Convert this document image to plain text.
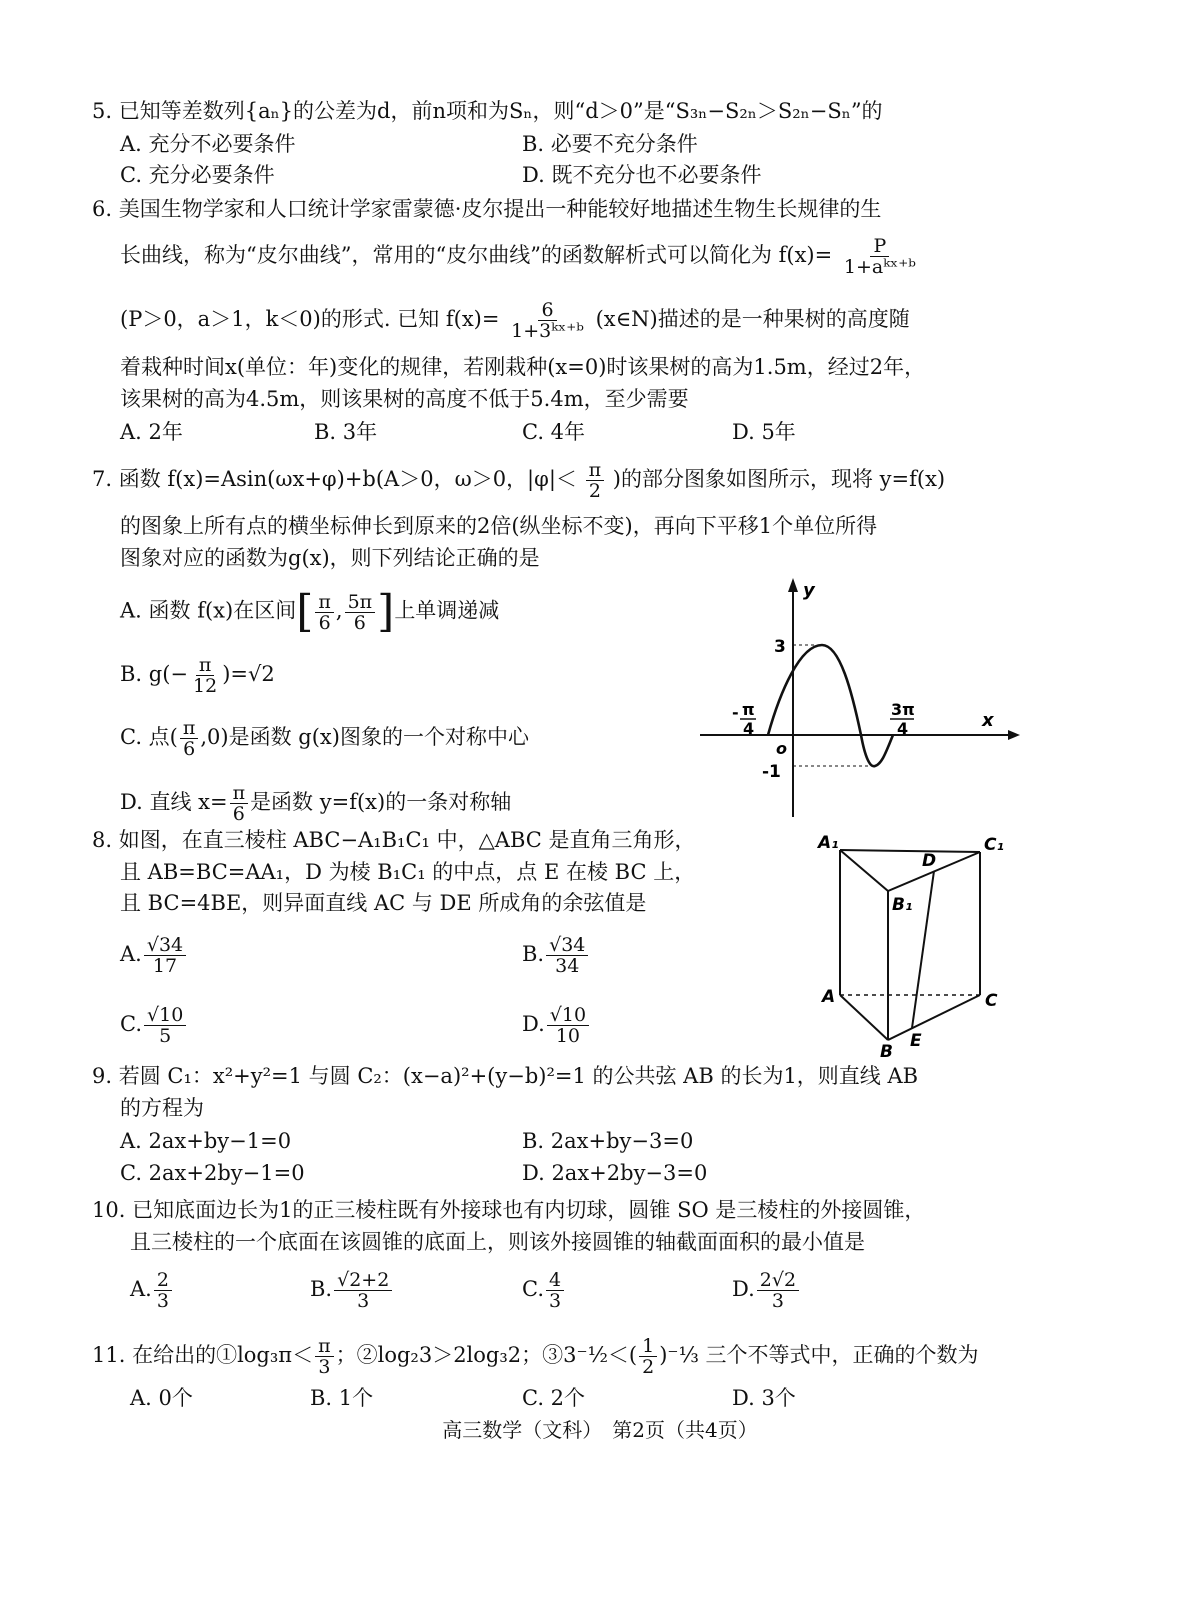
5. 已知等差数列{aₙ}的公差为d，前n项和为Sₙ，则“d＞0”是“S₃ₙ−S₂ₙ＞S₂ₙ−Sₙ”的
A. 充分不必要条件	B. 必要不充分条件
C. 充分必要条件	D. 既不充分也不必要条件
6. 美国生物学家和人口统计学家雷蒙德·皮尔提出一种能较好地描述生物生长规律的生
长曲线，称为“皮尔曲线”，常用的“皮尔曲线”的函数解析式可以简化为 $f(x)= \frac{P}{\text{1+aᵏˣ⁺ᵇ}}$
(P＞0，a＞1，k＜0)的形式. 已知 $f(x)= \frac{6}{\text{1+3ᵏˣ⁺ᵇ}}$ (x∈N)描述的是一种果树的高度随
着栽种时间x(单位：年)变化的规律，若刚栽种(x=0)时该果树的高为1.5m，经过2年，
该果树的高为4.5m，则该果树的高度不低于5.4m，至少需要
A. 2年	B. 3年	C. 4年	D. 5年
7. 函数 f(x)=Asin(ωx+φ)+b(A＞0，ω＞0，$|\varphi|< \frac{\pi}{2}$ )的部分图象如图所示，现将 y=f(x)
的图象上所有点的横坐标伸长到原来的2倍(纵坐标不变)，再向下平移1个单位所得
图象对应的函数为g(x)，则下列结论正确的是
A. 函数 f(x)在区间[ $\frac{\pi}{6}$ , $\frac{5\pi}{6}$ ]上单调递减
B. $g(- \frac{\pi}{12} )=√2$
C. 点( $\frac{\pi}{6} ,0$)是函数 g(x)图象的一个对称中心
D. 直线 $x= \frac{\pi}{6}$ 是函数 y=f(x)的一条对称轴
y
x
o
3
-1
- π
4
3π
4
8. 如图，在直三棱柱 ABC−A₁B₁C₁ 中，△ABC 是直角三角形，
且 AB=BC=AA₁，D 为棱 B₁C₁ 的中点，点 E 在棱 BC 上，
且 BC=4BE，则异面直线 AC 与 DE 所成角的余弦值是
A. $\frac{√34}{17}$	B. $\frac{√34}{34}$
C. $\frac{√10}{5}$	D. $\frac{√10}{10}$
A₁	C₁
D
B₁
A	C
B
E
9. 若圆 C₁：x²+y²=1 与圆 C₂：(x−a)²+(y−b)²=1 的公共弦 AB 的长为1，则直线 AB
的方程为
A. 2ax+by−1=0	B. 2ax+by−3=0
C. 2ax+2by−1=0	D. 2ax+2by−3=0
10. 已知底面边长为1的正三棱柱既有外接球也有内切球，圆锥 SO 是三棱柱的外接圆锥，
且三棱柱的一个底面在该圆锥的底面上，则该外接圆锥的轴截面面积的最小值是
A. $\frac{2}{3}$	B. $\frac{√2+2}{3}$	C. $\frac{4}{3}$	D. $\frac{2√2}{3}$
11. 在给出的①log₃π＜ $\frac{\pi}{3}$ ；②log₂3＞2log₃2；③3⁻½＜( $\frac{1}{2}$ )⁻⅓ 三个不等式中，正确的个数为
A. 0个	B. 1个	C. 2个	D. 3个
高三数学（文科）　第2页（共4页）
